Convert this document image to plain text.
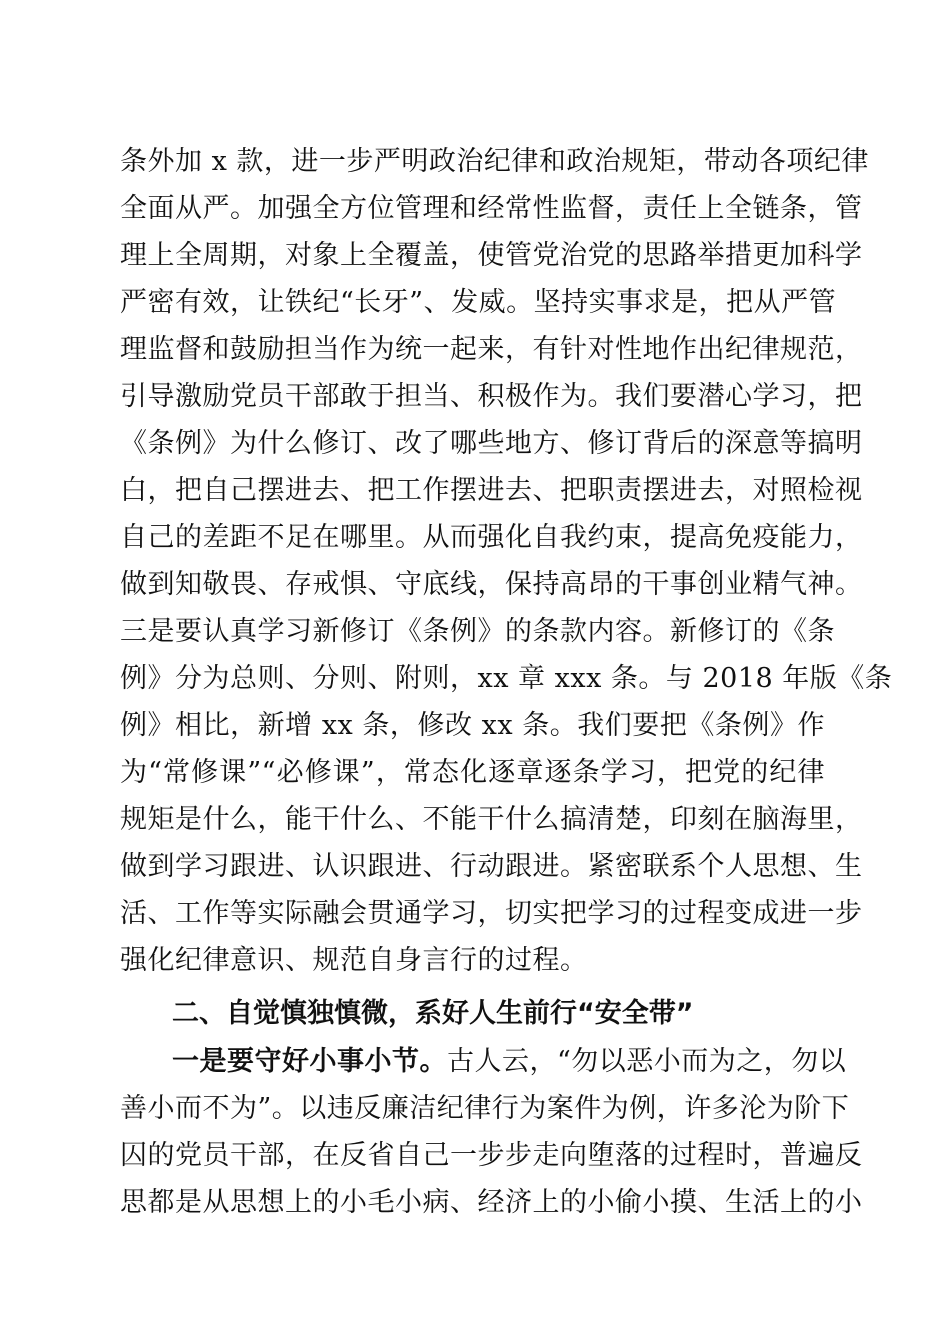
条外加 x 款，进一步严明政治纪律和政治规矩，带动各项纪律
全面从严。加强全方位管理和经常性监督，责任上全链条，管
理上全周期，对象上全覆盖，使管党治党的思路举措更加科学
严密有效，让铁纪“长牙”、发威。坚持实事求是，把从严管
理监督和鼓励担当作为统一起来，有针对性地作出纪律规范，
引导激励党员干部敢于担当、积极作为。我们要潜心学习，把
《条例》为什么修订、改了哪些地方、修订背后的深意等搞明
白，把自己摆进去、把工作摆进去、把职责摆进去，对照检视
自己的差距不足在哪里。从而强化自我约束，提高免疫能力，
做到知敬畏、存戒惧、守底线，保持高昂的干事创业精气神。
三是要认真学习新修订《条例》的条款内容。新修订的《条
例》分为总则、分则、附则，xx 章 xxx 条。与 2018 年版《条
例》相比，新增 xx 条，修改 xx 条。我们要把《条例》作
为“常修课”“必修课”，常态化逐章逐条学习，把党的纪律
规矩是什么，能干什么、不能干什么搞清楚，印刻在脑海里，
做到学习跟进、认识跟进、行动跟进。紧密联系个人思想、生
活、工作等实际融会贯通学习，切实把学习的过程变成进一步
强化纪律意识、规范自身言行的过程。
二、自觉慎独慎微，系好人生前行“安全带”
一是要守好小事小节。古人云，“勿以恶小而为之，勿以
善小而不为”。以违反廉洁纪律行为案件为例，许多沦为阶下
囚的党员干部，在反省自己一步步走向堕落的过程时，普遍反
思都是从思想上的小毛小病、经济上的小偷小摸、生活上的小
